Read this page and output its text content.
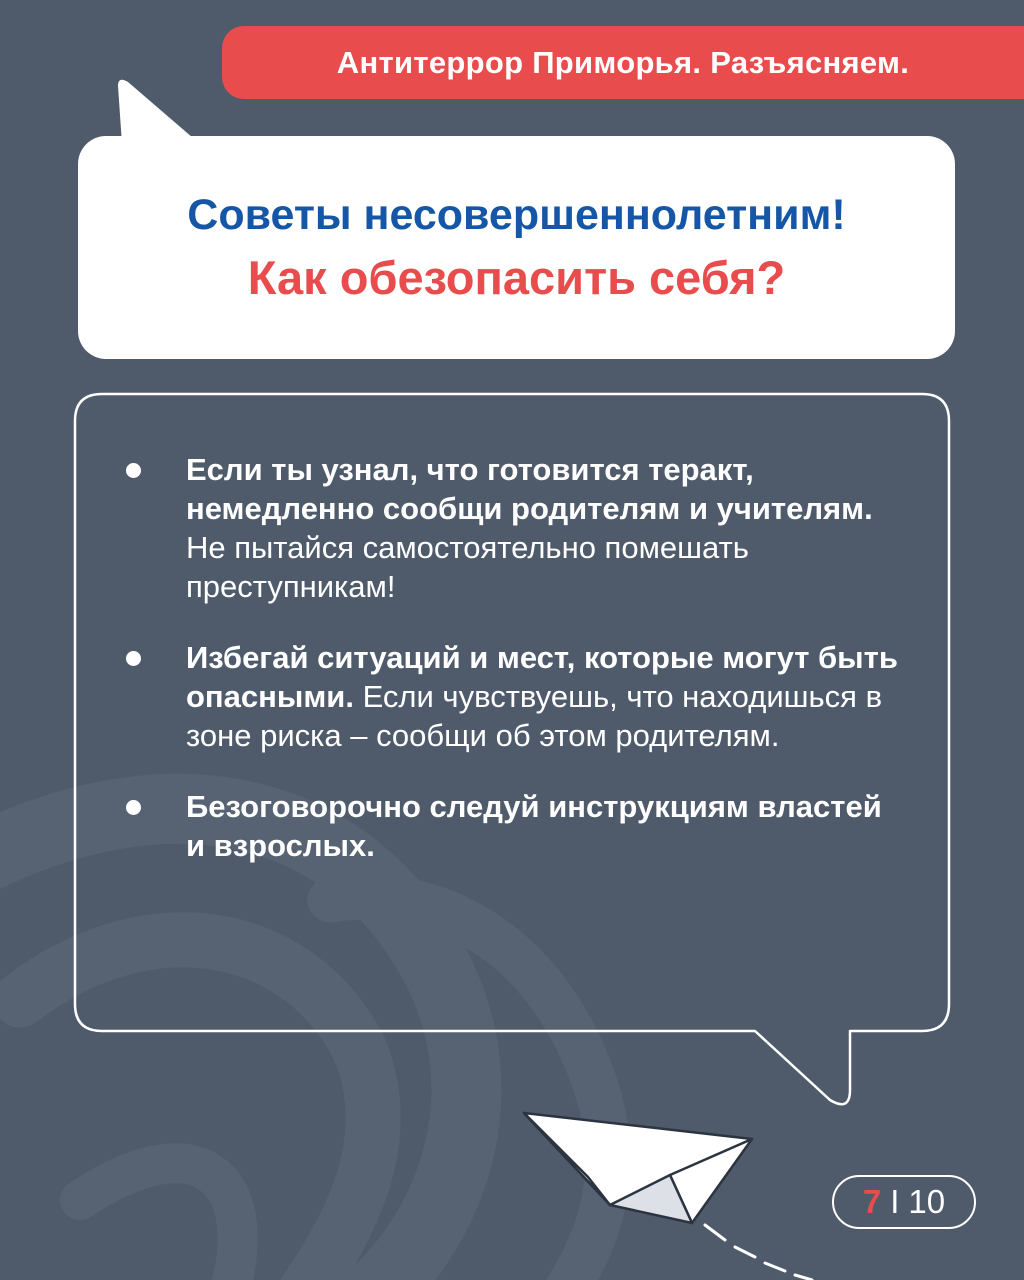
Антитеррор Приморья. Разъясняем.
Советы несовершеннолетним!
Как обезопасить себя?
Если ты узнал, что готовится теракт, немедленно сообщи родителям и учителям.
Не пытайся самостоятельно помешать преступникам!
Избегай ситуаций и мест, которые могут быть опасными. Если чувствуешь, что находишься в зоне риска – сообщи об этом родителям.
Безоговорочно следуй инструкциям властей и взрослых.
7 I 10
